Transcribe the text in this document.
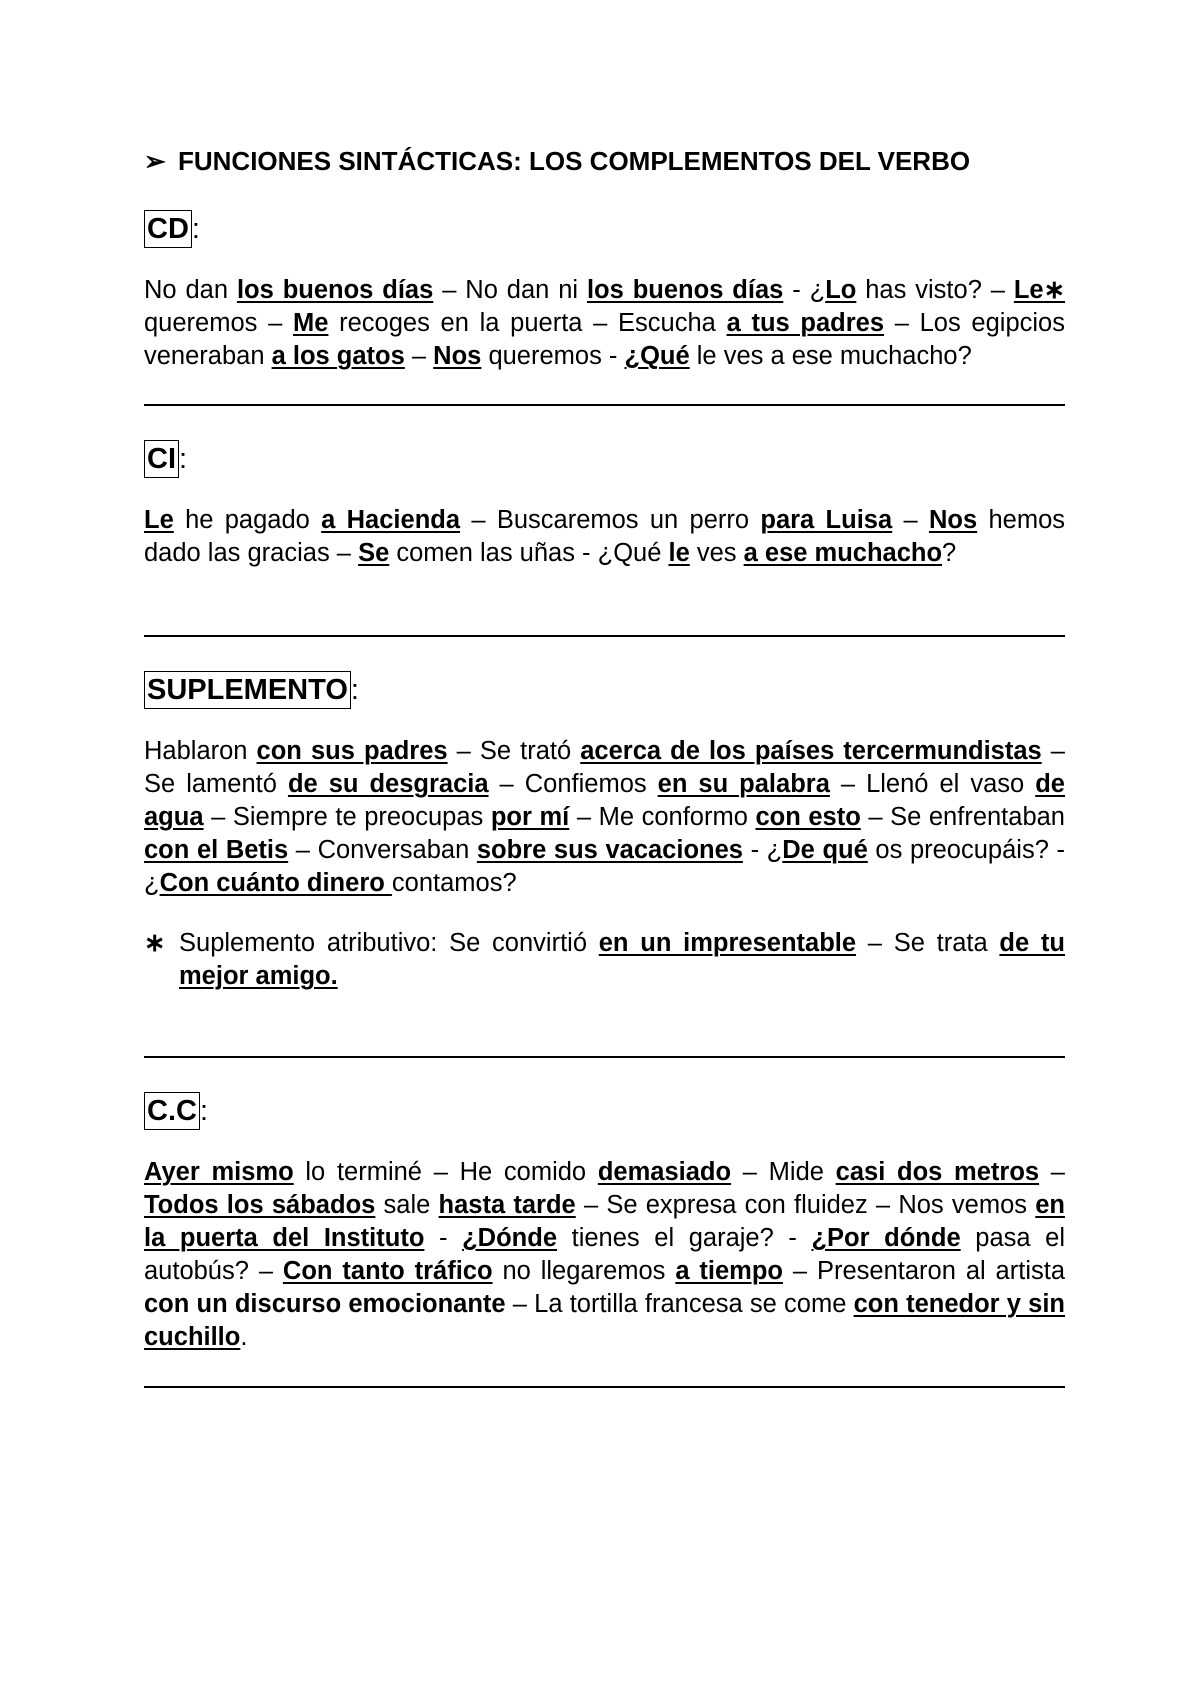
➢ FUNCIONES SINTÁCTICAS: LOS COMPLEMENTOS DEL VERBO
CD :
No dan los buenos días – No dan ni los buenos días - ¿Lo has visto? – Le∗ queremos – Me recoges en la puerta – Escucha a tus padres – Los egipcios veneraban a los gatos – Nos queremos - ¿Qué le ves a ese muchacho?
CI :
Le he pagado a Hacienda – Buscaremos un perro para Luisa – Nos hemos dado las gracias – Se comen las uñas - ¿Qué le ves a ese muchacho?
SUPLEMENTO :
Hablaron con sus padres – Se trató acerca de los países tercermundistas – Se lamentó de su desgracia – Confiemos en su palabra – Llenó el vaso de agua – Siempre te preocupas por mí – Me conformo con esto – Se enfrentaban con el Betis – Conversaban sobre sus vacaciones - ¿De qué os preocupáis? - ¿Con cuánto dinero contamos?
∗ Suplemento atributivo: Se convirtió en un impresentable – Se trata de tu mejor amigo.
C.C :
Ayer mismo lo terminé – He comido demasiado – Mide casi dos metros – Todos los sábados sale hasta tarde – Se expresa con fluidez – Nos vemos en la puerta del Instituto - ¿Dónde tienes el garaje? - ¿Por dónde pasa el autobús? – Con tanto tráfico no llegaremos a tiempo – Presentaron al artista con un discurso emocionante – La tortilla francesa se come con tenedor y sin cuchillo.
